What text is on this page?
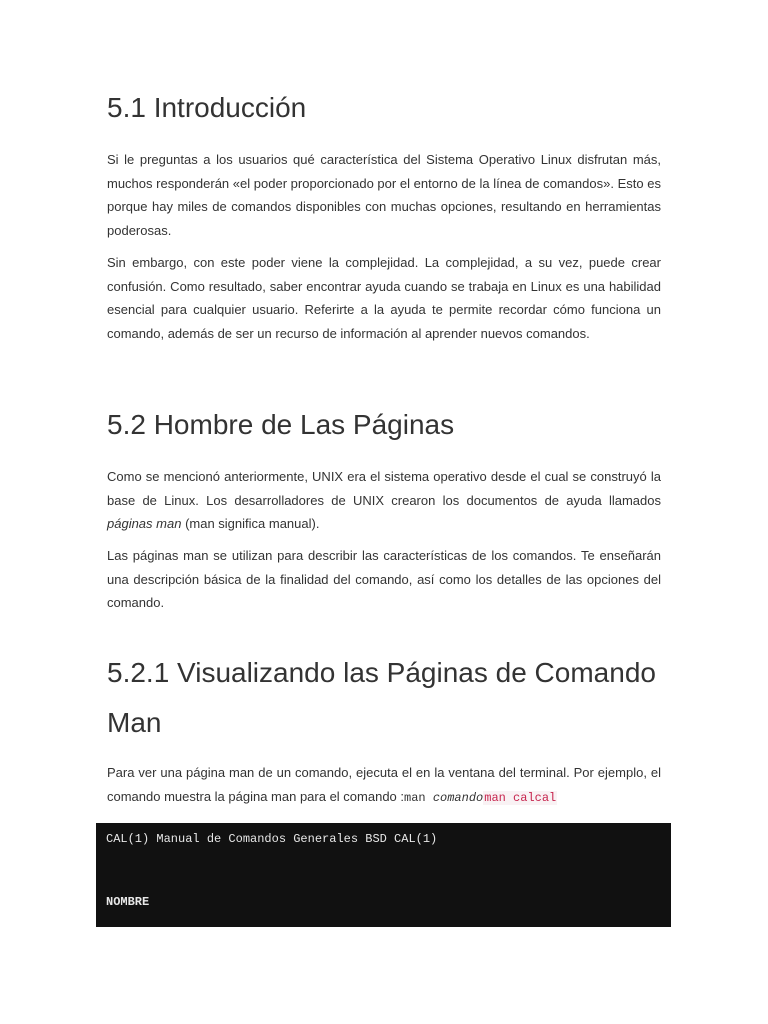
5.1 Introducción

Si le preguntas a los usuarios qué característica del Sistema Operativo Linux disfrutan más, muchos responderán «el poder proporcionado por el entorno de la línea de comandos». Esto es porque hay miles de comandos disponibles con muchas opciones, resultando en herramientas poderosas.

Sin embargo, con este poder viene la complejidad. La complejidad, a su vez, puede crear confusión. Como resultado, saber encontrar ayuda cuando se trabaja en Linux es una habilidad esencial para cualquier usuario. Referirte a la ayuda te permite recordar cómo funciona un comando, además de ser un recurso de información al aprender nuevos comandos.

5.2 Hombre de Las Páginas

Como se mencionó anteriormente, UNIX era el sistema operativo desde el cual se construyó la base de Linux. Los desarrolladores de UNIX crearon los documentos de ayuda llamados páginas man (man significa manual).

Las páginas man se utilizan para describir las características de los comandos. Te enseñarán una descripción básica de la finalidad del comando, así como los detalles de las opciones del comando.

5.2.1 Visualizando las Páginas de Comando Man

Para ver una página man de un comando, ejecuta el en la ventana del terminal. Por ejemplo, el comando muestra la página man para el comando :man comandoman calcal

CAL(1) Manual de Comandos Generales BSD CAL(1)
NOMBRE
